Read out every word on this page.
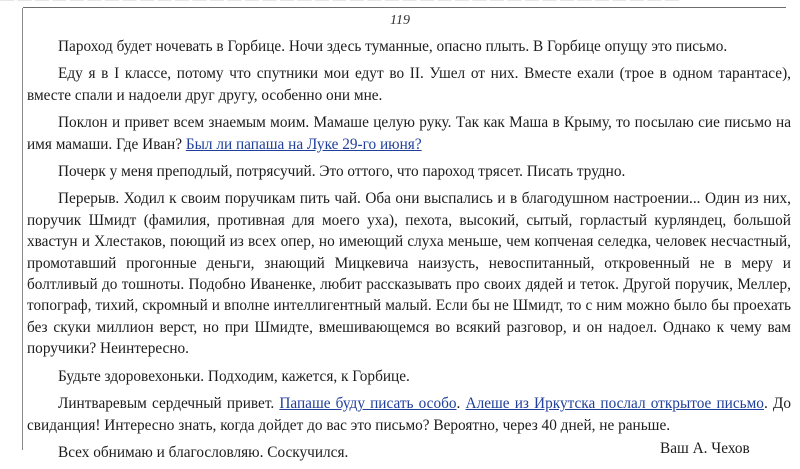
119

Пароход будет ночевать в Горбице. Ночи здесь туманные, опасно плыть. В Горбице опущу это письмо.

Еду я в I классе, потому что спутники мои едут во II. Ушел от них. Вместе ехали (трое в одном тарантасе), вместе спали и надоели друг другу, особенно они мне.

Поклон и привет всем знаемым моим. Мамаше целую руку. Так как Маша в Крыму, то посылаю сие письмо на имя мамаши. Где Иван? Был ли папаша на Луке 29-го июня?

Почерк у меня преподлый, потрясучий. Это оттого, что пароход трясет. Писать трудно.

Перерыв. Ходил к своим поручикам пить чай. Оба они выспались и в благодушном настроении... Один из них, поручик Шмидт (фамилия, противная для моего уха), пехота, высокий, сытый, горластый курляндец, большой хвастун и Хлестаков, поющий из всех опер, но имеющий слуха меньше, чем копченая селедка, человек несчастный, промотавший прогонные деньги, знающий Мицкевича наизусть, невоспитанный, откровенный не в меру и болтливый до тошноты. Подобно Иваненке, любит рассказывать про своих дядей и теток. Другой поручик, Меллер, топограф, тихий, скромный и вполне интеллигентный малый. Если бы не Шмидт, то с ним можно было бы проехать без скуки миллион верст, но при Шмидте, вмешивающемся во всякий разговор, и он надоел. Однако к чему вам поручики? Неинтересно.

Будьте здоровехоньки. Подходим, кажется, к Горбице.

Линтваревым сердечный привет. Папаше буду писать особо. Алеше из Иркутска послал открытое письмо. До свиданция! Интересно знать, когда дойдет до вас это письмо? Вероятно, через 40 дней, не раньше.

Всех обнимаю и благословляю. Соскучился.	Ваш А. Чехов
